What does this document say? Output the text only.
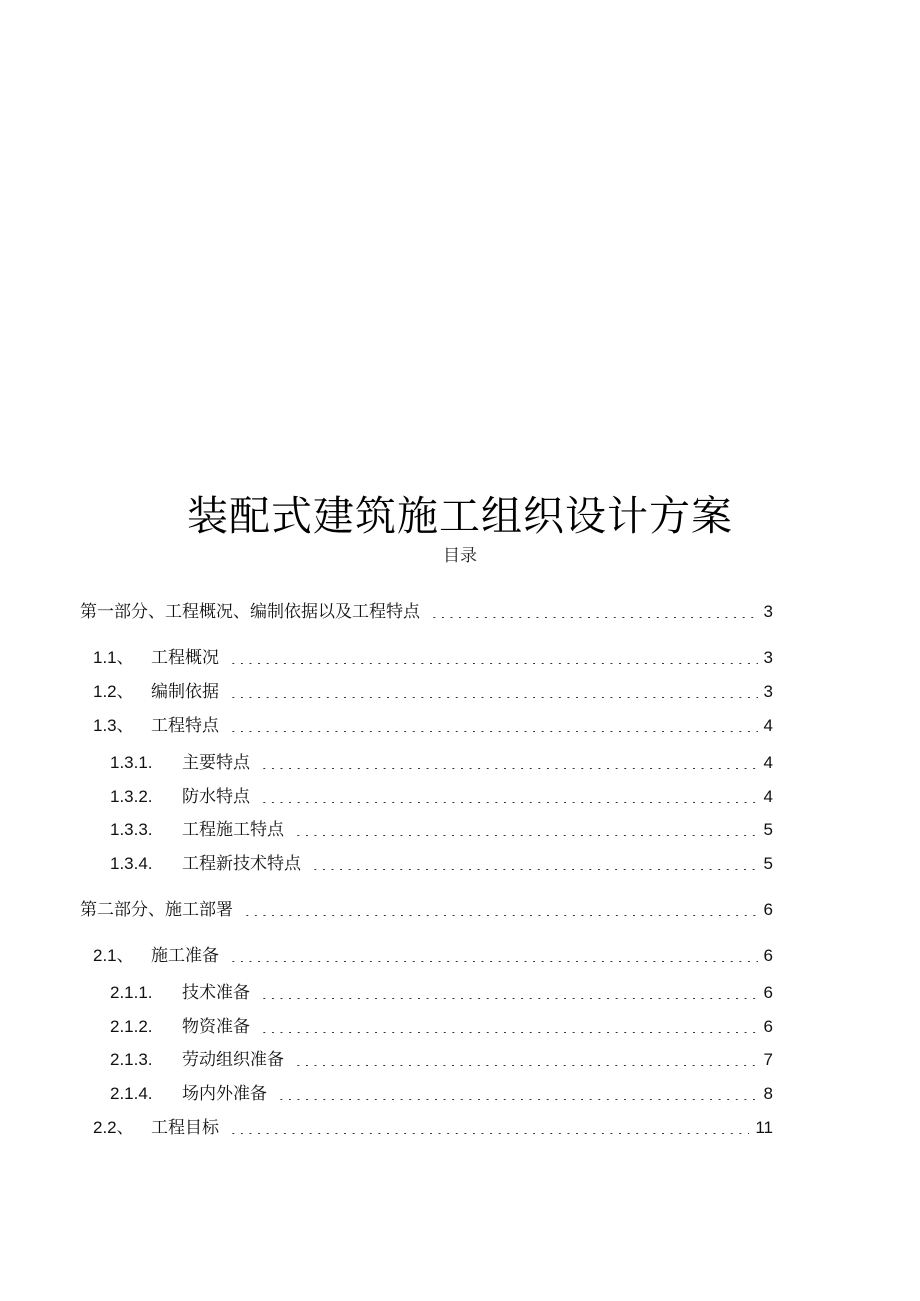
装配式建筑施工组织设计方案
目录
第一部分、工程概况、编制依据以及工程特点	3
1.1、	工程概况	3
1.2、	编制依据	3
1.3、	工程特点	4
1.3.1.	主要特点	4
1.3.2.	防水特点	4
1.3.3.	工程施工特点	5
1.3.4.	工程新技术特点	5
第二部分、施工部署	6
2.1、	施工准备	6
2.1.1.	技术准备	6
2.1.2.	物资准备	6
2.1.3.	劳动组织准备	7
2.1.4.	场内外准备	8
2.2、	工程目标	11
